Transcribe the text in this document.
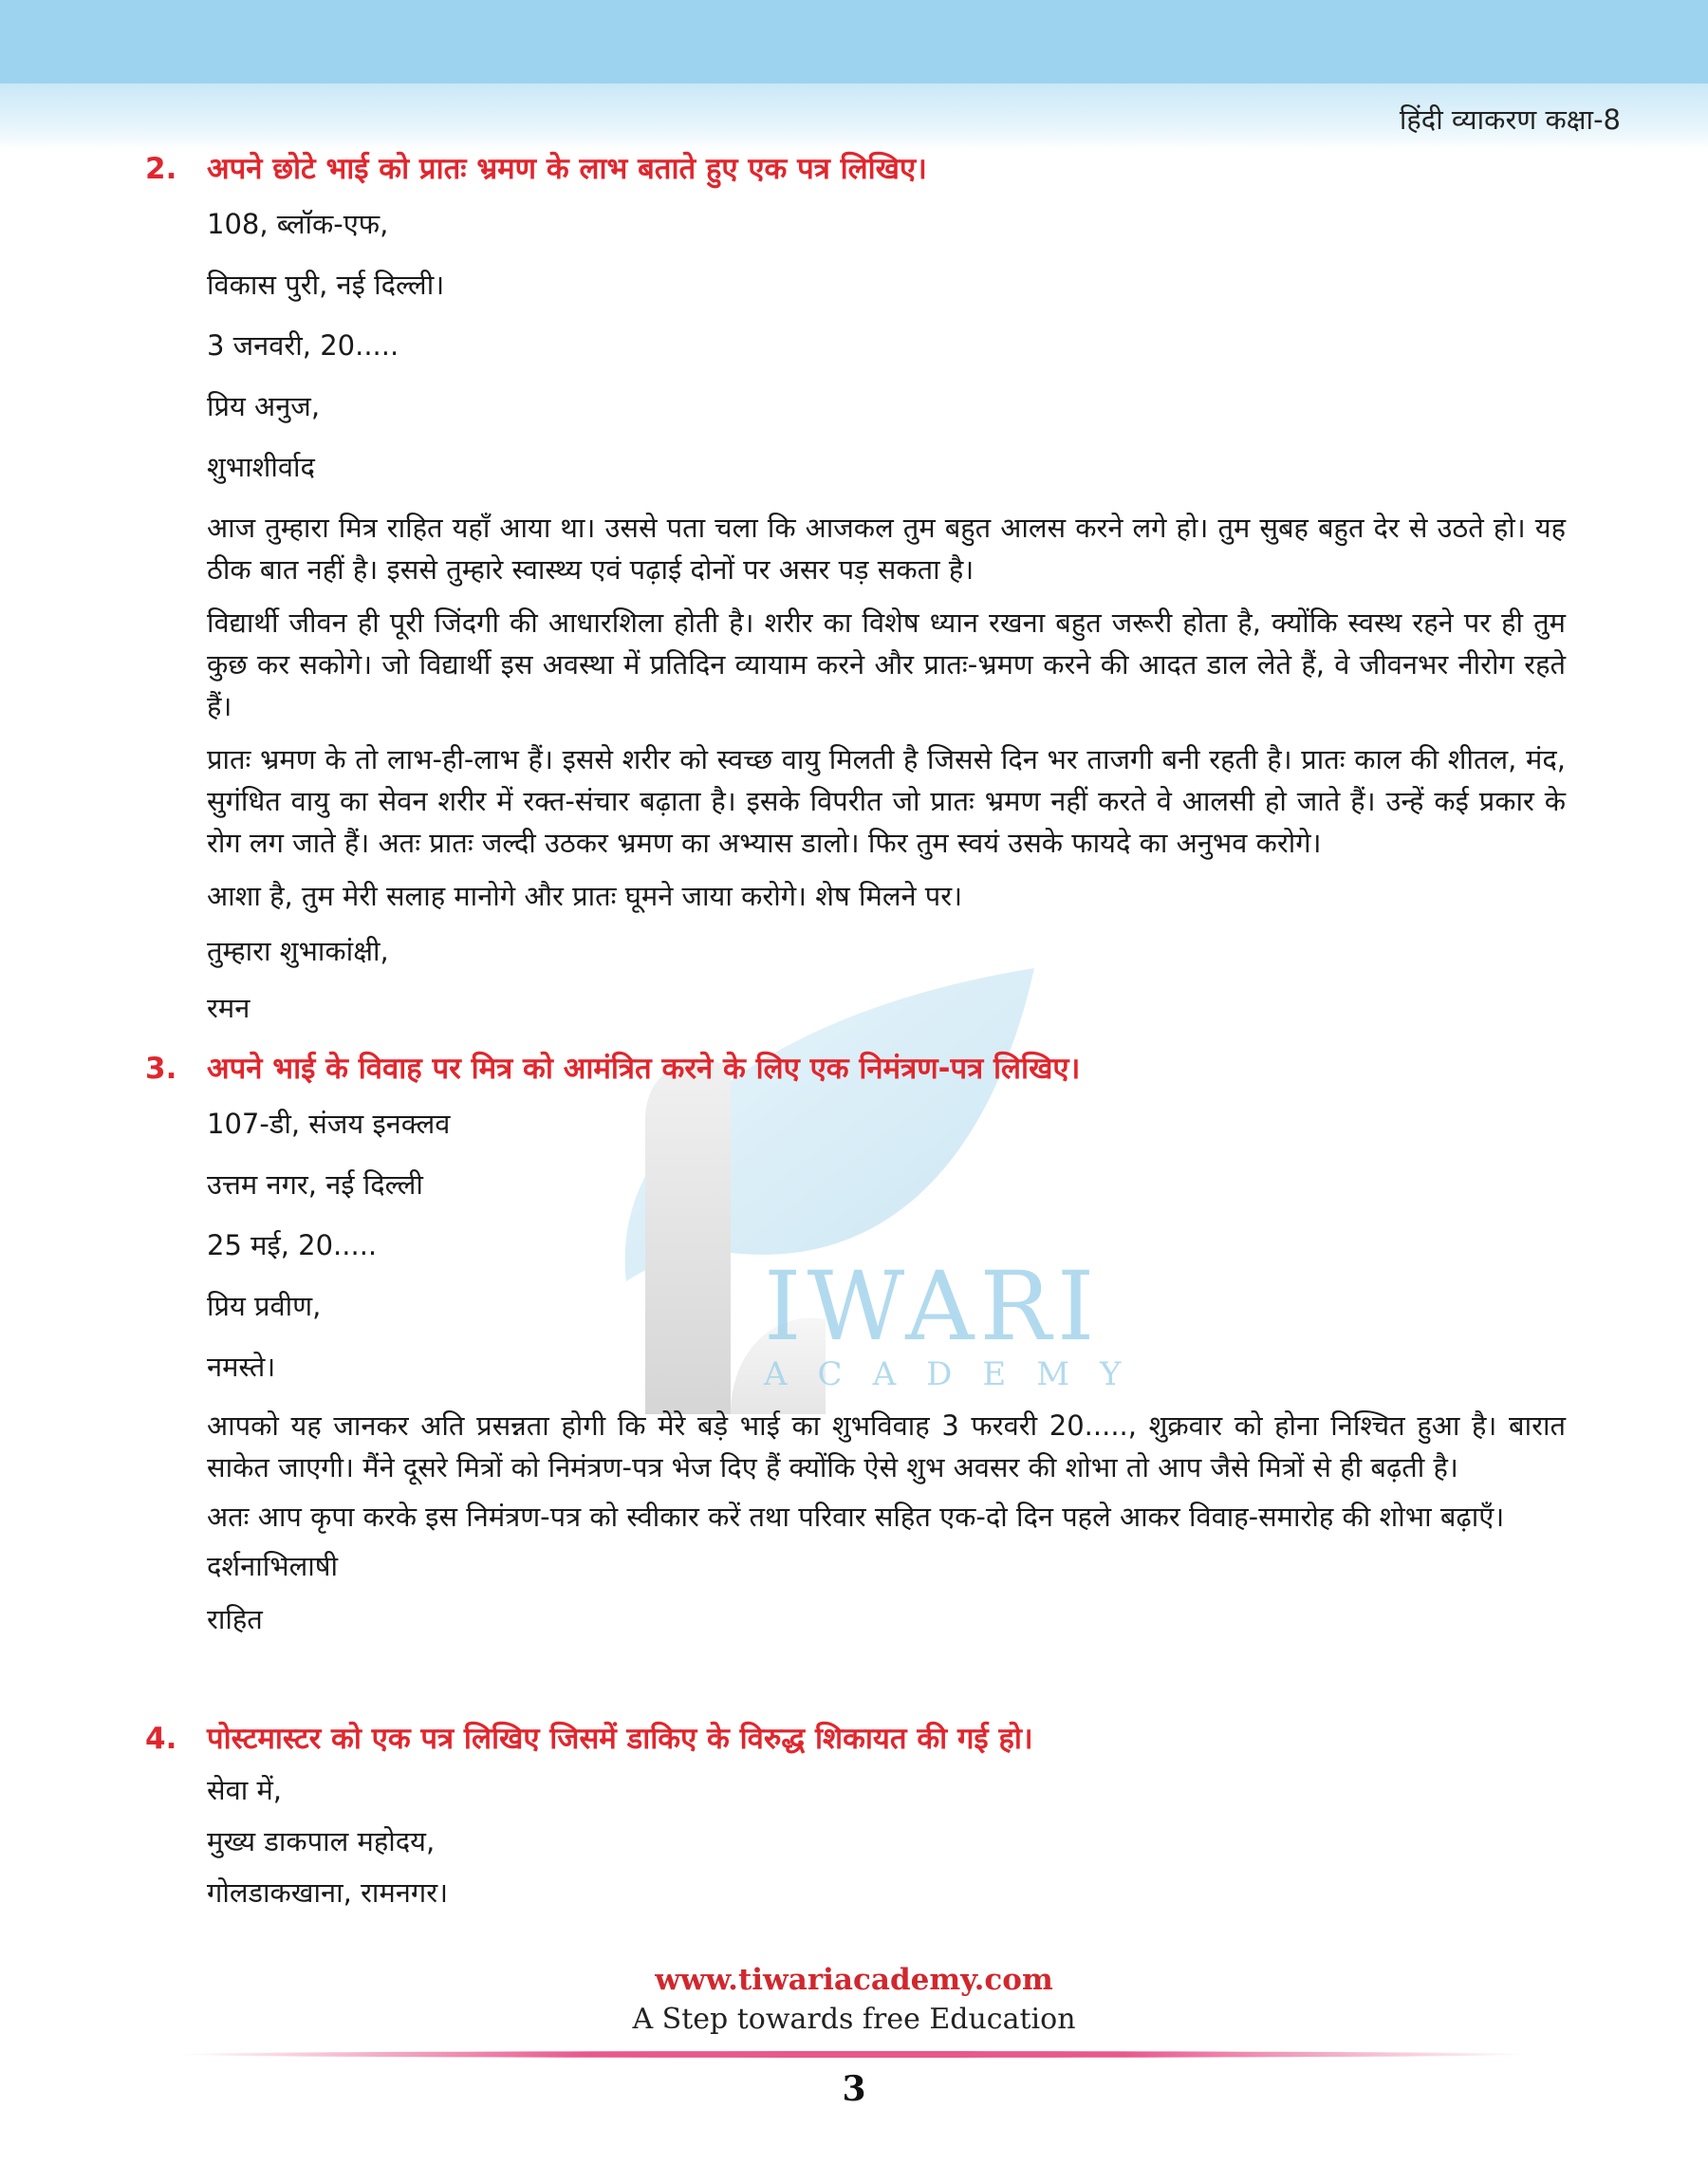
हिंदी व्याकरण कक्षा-8
IWARI
ACADEMY
2. अपने छोटे भाई को प्रातः भ्रमण के लाभ बताते हुए एक पत्र लिखिए।
108, ब्लॉक-एफ,
विकास पुरी, नई दिल्ली।
3 जनवरी, 20.....
प्रिय अनुज,
शुभाशीर्वाद
आज तुम्हारा मित्र राहित यहाँ आया था। उससे पता चला कि आजकल तुम बहुत आलस करने लगे हो। तुम सुबह बहुत देर से उठते हो। यह ठीक बात नहीं है। इससे तुम्हारे स्वास्थ्य एवं पढ़ाई दोनों पर असर पड़ सकता है।
विद्यार्थी जीवन ही पूरी जिंदगी की आधारशिला होती है। शरीर का विशेष ध्यान रखना बहुत जरूरी होता है, क्योंकि स्वस्थ रहने पर ही तुम कुछ कर सकोगे। जो विद्यार्थी इस अवस्था में प्रतिदिन व्यायाम करने और प्रातः-भ्रमण करने की आदत डाल लेते हैं, वे जीवनभर नीरोग रहते हैं।
प्रातः भ्रमण के तो लाभ-ही-लाभ हैं। इससे शरीर को स्वच्छ वायु मिलती है जिससे दिन भर ताजगी बनी रहती है। प्रातः काल की शीतल, मंद, सुगंधित वायु का सेवन शरीर में रक्त-संचार बढ़ाता है। इसके विपरीत जो प्रातः भ्रमण नहीं करते वे आलसी हो जाते हैं। उन्हें कई प्रकार के रोग लग जाते हैं। अतः प्रातः जल्दी उठकर भ्रमण का अभ्यास डालो। फिर तुम स्वयं उसके फायदे का अनुभव करोगे।
आशा है, तुम मेरी सलाह मानोगे और प्रातः घूमने जाया करोगे। शेष मिलने पर।
तुम्हारा शुभाकांक्षी,
रमन
3. अपने भाई के विवाह पर मित्र को आमंत्रित करने के लिए एक निमंत्रण-पत्र लिखिए।
107-डी, संजय इनक्लव
उत्तम नगर, नई दिल्ली
25 मई, 20.....
प्रिय प्रवीण,
नमस्ते।
आपको यह जानकर अति प्रसन्नता होगी कि मेरे बड़े भाई का शुभविवाह 3 फरवरी 20....., शुक्रवार को होना निश्चित हुआ है। बारात साकेत जाएगी। मैंने दूसरे मित्रों को निमंत्रण-पत्र भेज दिए हैं क्योंकि ऐसे शुभ अवसर की शोभा तो आप जैसे मित्रों से ही बढ़ती है।
अतः आप कृपा करके इस निमंत्रण-पत्र को स्वीकार करें तथा परिवार सहित एक-दो दिन पहले आकर विवाह-समारोह की शोभा बढ़ाएँ।
दर्शनाभिलाषी
राहित
4. पोस्टमास्टर को एक पत्र लिखिए जिसमें डाकिए के विरुद्ध शिकायत की गई हो।
सेवा में,
मुख्य डाकपाल महोदय,
गोलडाकखाना, रामनगर।
www.tiwariacademy.com
A Step towards free Education
3
